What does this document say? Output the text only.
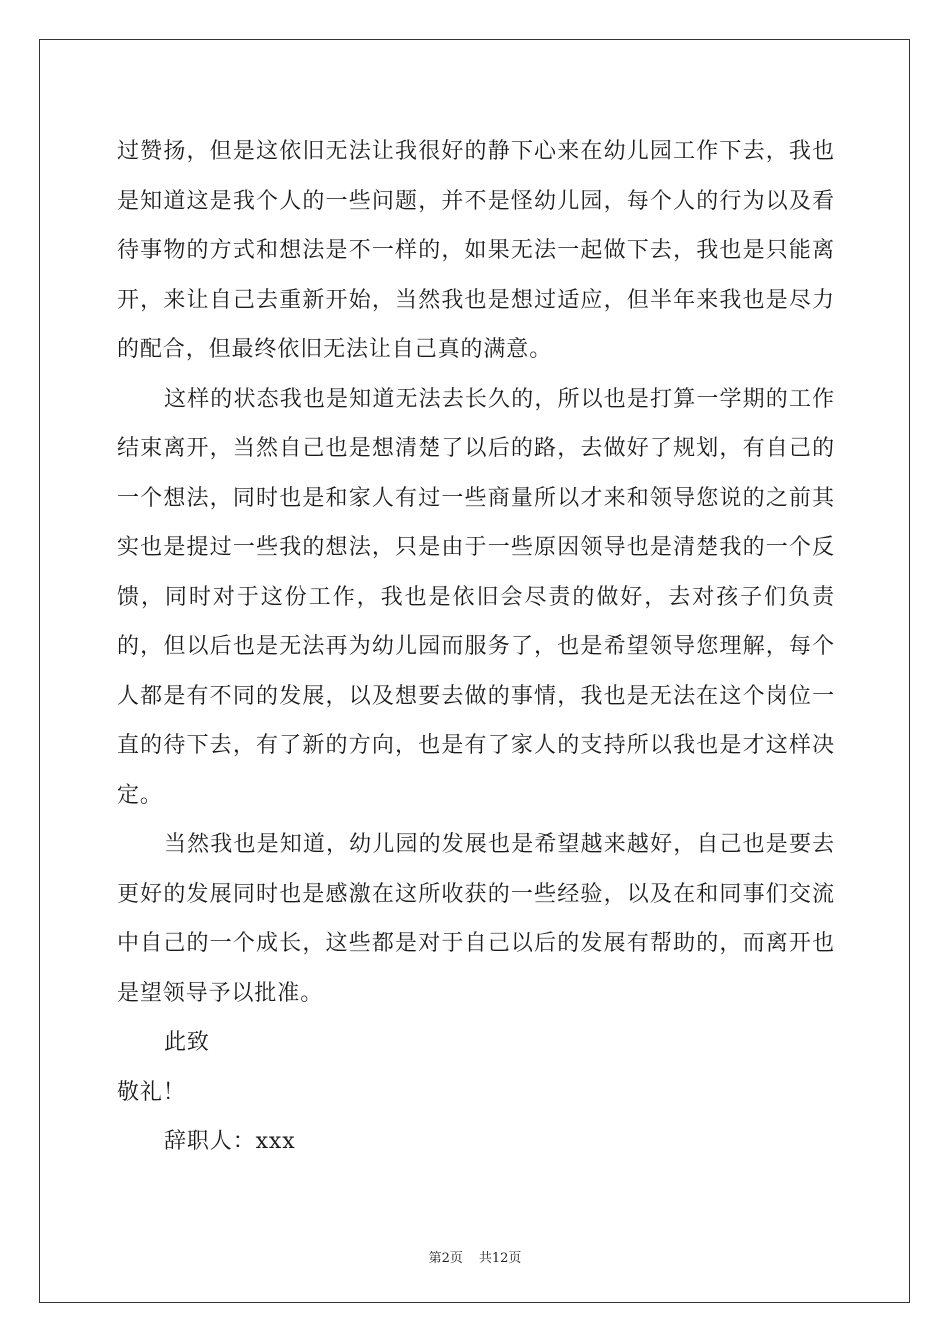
过赞扬，但是这依旧无法让我很好的静下心来在幼儿园工作下去，我也是知道这是我个人的一些问题，并不是怪幼儿园，每个人的行为以及看待事物的方式和想法是不一样的，如果无法一起做下去，我也是只能离开，来让自己去重新开始，当然我也是想过适应，但半年来我也是尽力的配合，但最终依旧无法让自己真的满意。

这样的状态我也是知道无法去长久的，所以也是打算一学期的工作结束离开，当然自己也是想清楚了以后的路，去做好了规划，有自己的一个想法，同时也是和家人有过一些商量所以才来和领导您说的之前其实也是提过一些我的想法，只是由于一些原因领导也是清楚我的一个反馈，同时对于这份工作，我也是依旧会尽责的做好，去对孩子们负责的，但以后也是无法再为幼儿园而服务了，也是希望领导您理解，每个人都是有不同的发展，以及想要去做的事情，我也是无法在这个岗位一直的待下去，有了新的方向，也是有了家人的支持所以我也是才这样决定。

当然我也是知道，幼儿园的发展也是希望越来越好，自己也是要去更好的发展同时也是感激在这所收获的一些经验，以及在和同事们交流中自己的一个成长，这些都是对于自己以后的发展有帮助的，而离开也是望领导予以批准。

此致

敬礼！

辞职人：xxx

第2页 共12页
